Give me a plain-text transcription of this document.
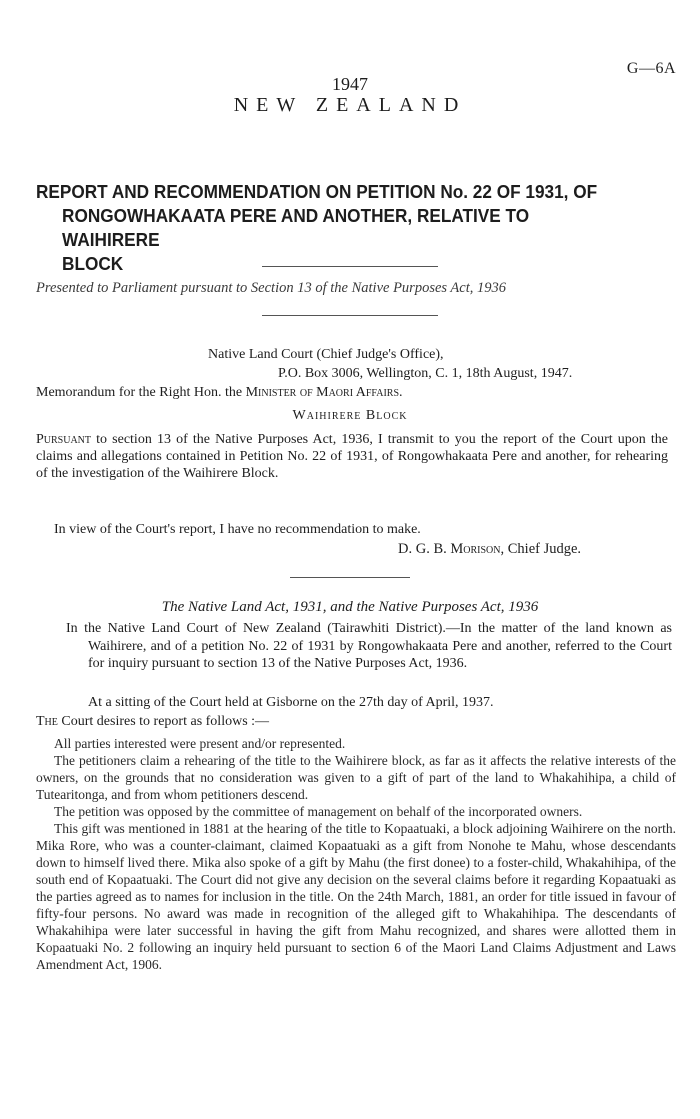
G—6A
1947
NEW ZEALAND
REPORT AND RECOMMENDATION ON PETITION No. 22 OF 1931, OF
RONGOWHAKAATA PERE AND ANOTHER, RELATIVE TO WAIHIRERE
BLOCK
Presented to Parliament pursuant to Section 13 of the Native Purposes Act, 1936
Native Land Court (Chief Judge's Office),
P.O. Box 3006, Wellington, C. 1, 18th August, 1947.
Memorandum for the Right Hon. the Minister of Maori Affairs.
Waihirere Block
Pursuant to section 13 of the Native Purposes Act, 1936, I transmit to you the report of the Court upon the claims and allegations contained in Petition No. 22 of 1931, of Rongowhakaata Pere and another, for rehearing of the investigation of the Waihirere Block.
In view of the Court's report, I have no recommendation to make.
D. G. B. Morison, Chief Judge.
The Native Land Act, 1931, and the Native Purposes Act, 1936
In the Native Land Court of New Zealand (Tairawhiti District).—In the matter of the land known as Waihirere, and of a petition No. 22 of 1931 by Rongowhakaata Pere and another, referred to the Court for inquiry pursuant to section 13 of the Native Purposes Act, 1936.
At a sitting of the Court held at Gisborne on the 27th day of April, 1937.
The Court desires to report as follows :—

All parties interested were present and/or represented.

The petitioners claim a rehearing of the title to the Waihirere block, as far as it affects the relative interests of the owners, on the grounds that no consideration was given to a gift of part of the land to Whakahihipa, a child of Tutearitonga, and from whom petitioners descend.

The petition was opposed by the committee of management on behalf of the incorporated owners.

This gift was mentioned in 1881 at the hearing of the title to Kopaatuaki, a block adjoining Waihirere on the north. Mika Rore, who was a counter-claimant, claimed Kopaatuaki as a gift from Nonohe te Mahu, whose descendants down to himself lived there. Mika also spoke of a gift by Mahu (the first donee) to a foster-child, Whakahihipa, of the south end of Kopaatuaki. The Court did not give any decision on the several claims before it regarding Kopaatuaki as the parties agreed as to names for inclusion in the title. On the 24th March, 1881, an order for title issued in favour of fifty-four persons. No award was made in recognition of the alleged gift to Whakahihipa. The descendants of Whakahihipa were later successful in having the gift from Mahu recognized, and shares were allotted them in Kopaatuaki No. 2 following an inquiry held pursuant to section 6 of the Maori Land Claims Adjustment and Laws Amendment Act, 1906.
